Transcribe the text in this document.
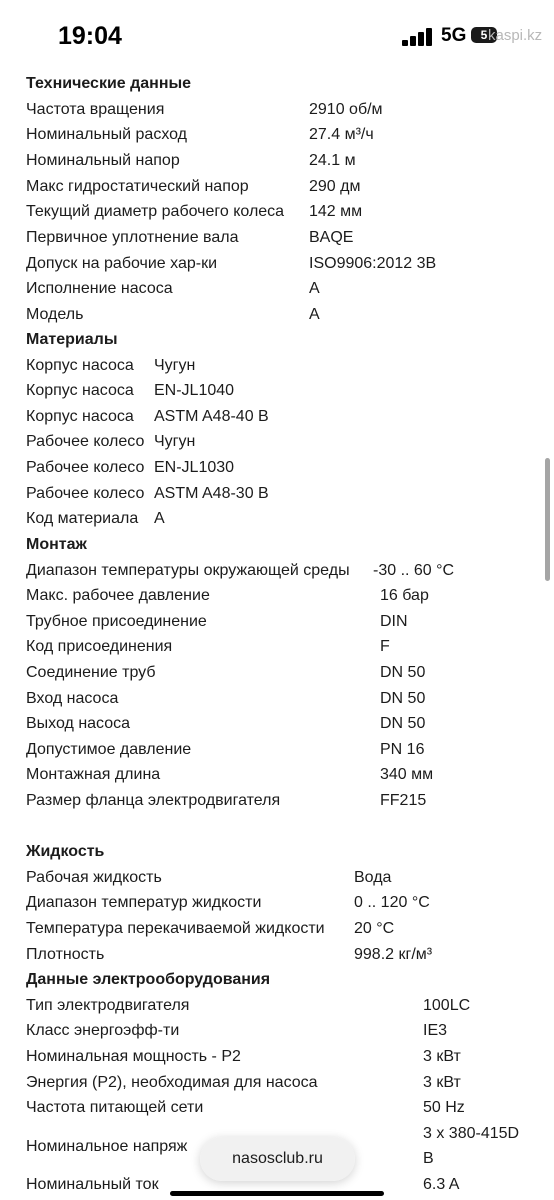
19:04	5G	5 kaspi.kz
Технические данные
Частота вращения	2910 об/м
Номинальный расход	27.4 м³/ч
Номинальный напор	24.1 м
Макс гидростатический напор	290 дм
Текущий диаметр рабочего колеса 142 мм
Первичное уплотнение вала	BAQE
Допуск на рабочие хар-ки	ISO9906:2012 3B
Исполнение насоса	A
Модель	A
Материалы
Корпус насоса Чугун
Корпус насоса EN-JL1040
Корпус насоса ASTM A48-40 B
Рабочее колесо Чугун
Рабочее колесо EN-JL1030
Рабочее колесо ASTM A48-30 B
Код материала A
Монтаж
Диапазон температуры окружающей среды -30 .. 60 °C
Макс. рабочее давление	16 бар
Трубное присоединение	DIN
Код присоединения	F
Соединение труб	DN 50
Вход насоса	DN 50
Выход насоса	DN 50
Допустимое давление	PN 16
Монтажная длина	340 мм
Размер фланца электродвигателя	FF215
Жидкость
Рабочая жидкость	Вода
Диапазон температур жидкости	0 .. 120 °C
Температура перекачиваемой жидкости 20 °C
Плотность	998.2 кг/м³
Данные электрооборудования
Тип электродвигателя	100LC
Класс энергоэфф-ти	IE3
Номинальная мощность - P2	3 кВт
Энергия (P2), необходимая для насоса	3 кВт
Частота питающей сети	50 Hz
Номинальное напряж
3 x 380-415D
B
Номинальный ток	6.3 A
nasosclub.ru
